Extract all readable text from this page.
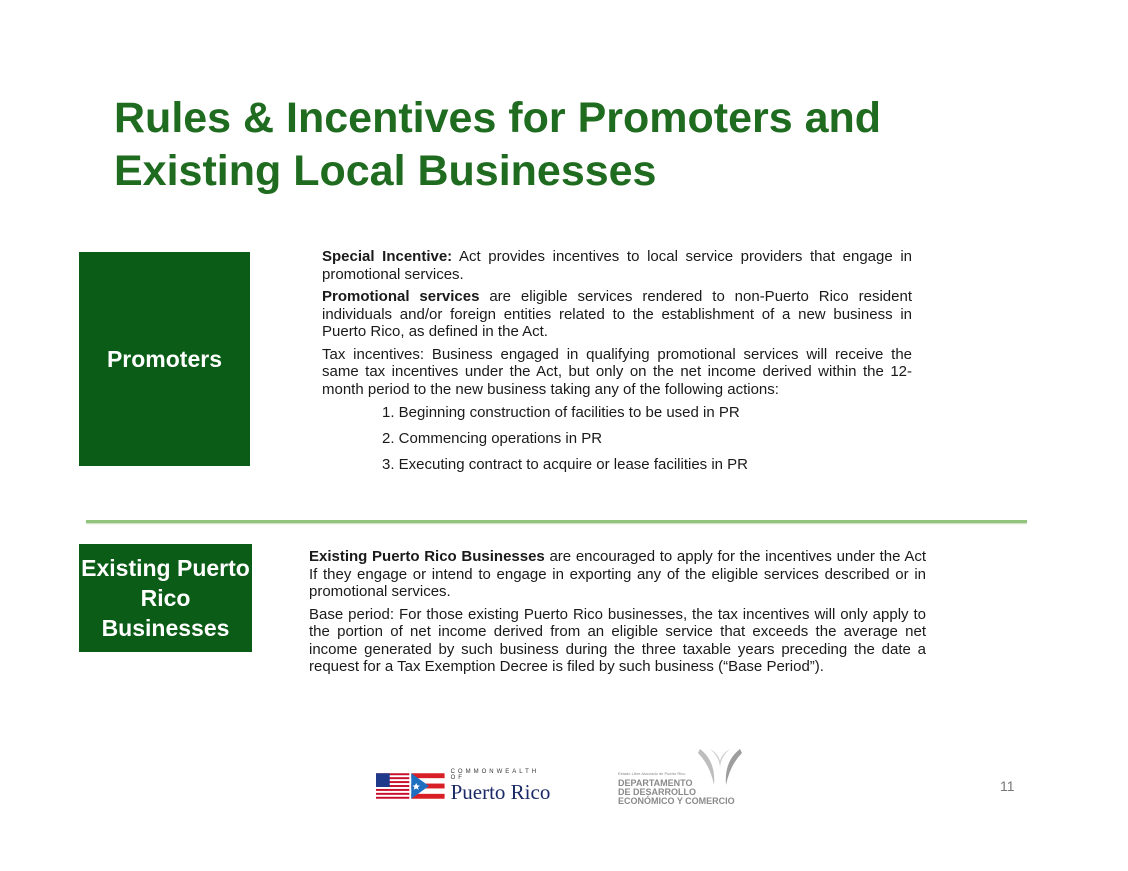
Rules & Incentives for Promoters and Existing Local Businesses
Promoters

Special Incentive: Act provides incentives to local service providers that engage in promotional services.

Promotional services are eligible services rendered to non-Puerto Rico resident individuals and/or foreign entities related to the establishment of a new business in Puerto Rico, as defined in the Act.

Tax incentives: Business engaged in qualifying promotional services will receive the same tax incentives under the Act, but only on the net income derived within the 12-month period to the new business taking any of the following actions:

1. Beginning construction of facilities to be used in PR
2. Commencing operations in PR
3. Executing contract to acquire or lease facilities in PR
Existing Puerto Rico Businesses

Existing Puerto Rico Businesses are encouraged to apply for the incentives under the Act If they engage or intend to engage in exporting any of the eligible services described or in promotional services.

Base period: For those existing Puerto Rico businesses, the tax incentives will only apply to the portion of net income derived from an eligible service that exceeds the average net income generated by such business during the three taxable years preceding the date a request for a Tax Exemption Decree is filed by such business (“Base Period”).

COMMONWEALTH OF
Puerto Rico
Estado Libre Asociado de Puerto Rico
DEPARTAMENTO
DE DESARROLLO
ECONÓMICO Y COMERCIO
11
